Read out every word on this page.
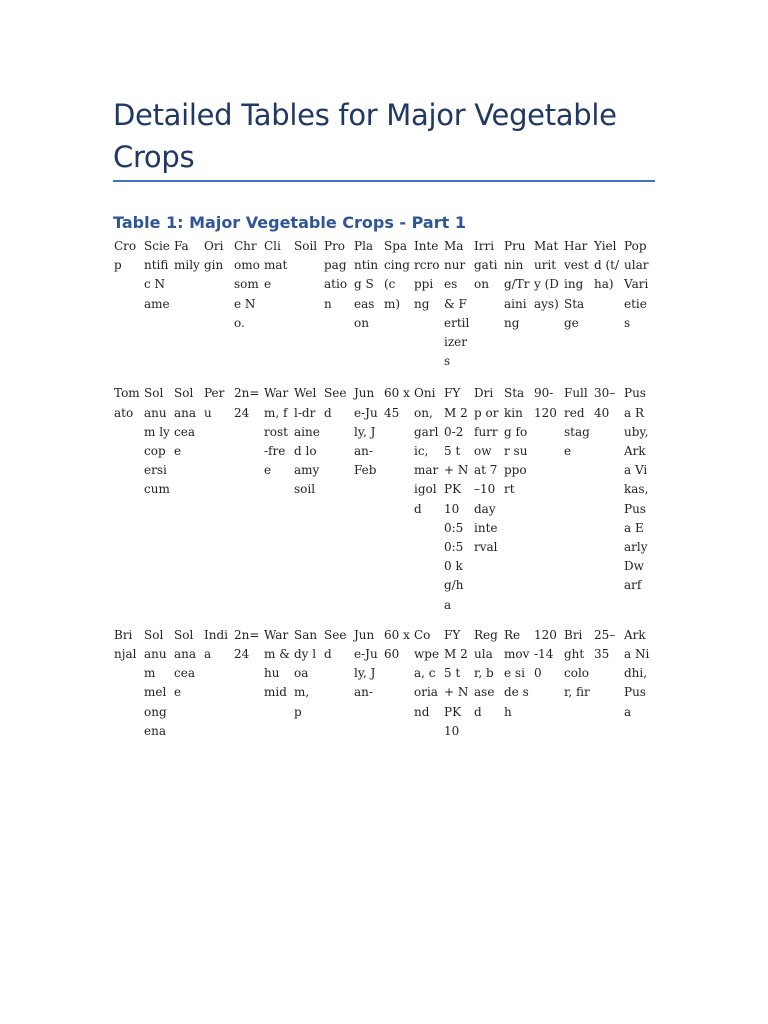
Detailed Tables for Major Vegetable Crops
Table 1: Major Vegetable Crops - Part 1
Crop	Scientific Name	Family	Origin	Chromosome No.	Climate	Soil	Propagation	Planting Season	Spacing (cm)	Intercropping	Manures & Fertilizers	Irrigation	Pruning/Training	Maturity (Days)	Harvesting Stage	Yield (t/ha)	Popular Varieties
Tomato	Solanum lycopersicum	Solanaceae	Peru	2n=24	Warm, frost-free	Well-drained loamy soil	Seed	June-July, Jan-Feb	60 x 45	Onion, garlic, marigold	FYM 20-25 t + NPK 100:50:50 kg/ha	Drip or furrow at 7–10 day interval	Staking for support	90-120	Full red stage	30–40	Pusa Ruby, Arka Vikas, Pusa Early Dwarf
Brinjal	Solanum melongena	Solanaceae	India	2n=24	Warm & humid	Sandy loam, p	Seed	June-July, Jan-	60 x 60	Cowpea, coriand	FYM 25 t + NPK 10	Regular, based	Remove side sh	120-140	Bright color, fir	25–35	Arka Nidhi, Pusa
